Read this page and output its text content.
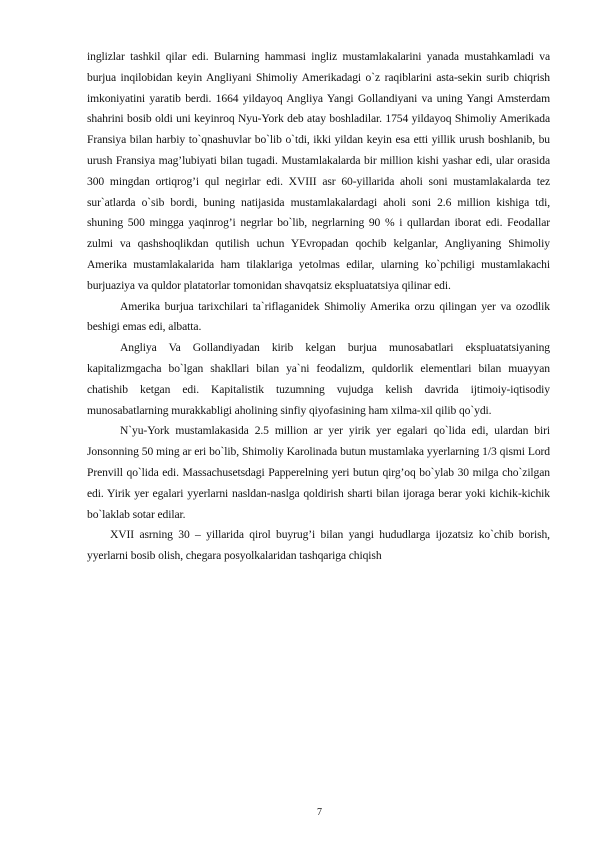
inglizlar tashkil qilar edi. Bularning hammasi ingliz mustamlakalarini yanada mustahkamladi va burjua inqilobidan keyin Angliyani Shimoliy Amerikadagi o`z raqiblarini asta-sekin surib chiqrish imkoniyatini yaratib berdi. 1664 yildayoq Angliya Yangi Gollandiyani va uning Yangi Amsterdam shahrini bosib oldi uni keyinroq Nyu-York deb atay boshladilar. 1754 yildayoq Shimoliy Amerikada Fransiya bilan harbiy to`qnashuvlar bo`lib o`tdi, ikki yildan keyin esa etti yillik urush boshlanib, bu urush Fransiya mag’lubiyati bilan tugadi. Mustamlakalarda bir million kishi yashar edi, ular orasida 300 mingdan ortiqrog’i qul negirlar edi. XVIII asr 60-yillarida aholi soni mustamlakalarda tez sur`atlarda o`sib bordi, buning natijasida mustamlakalardagi aholi soni 2.6 million kishiga tdi, shuning 500 mingga yaqinrog’i negrlar bo`lib, negrlarning 90 % i qullardan iborat edi. Feodallar zulmi va qashshoqlikdan qutilish uchun YEvropadan qochib kelganlar, Angliyaning Shimoliy Amerika mustamlakalarida ham tilaklariga yetolmas edilar, ularning ko`pchiligi mustamlakachi burjuaziya va quldor platatorlar tomonidan shavqatsiz ekspluatatsiya qilinar edi.

Amerika burjua tarixchilari ta`riflaganidek Shimoliy Amerika orzu qilingan yer va ozodlik beshigi emas edi, albatta.

Angliya Va Gollandiyadan kirib kelgan burjua munosabatlari ekspluatatsiyaning kapitalizmgacha bo`lgan shakllari bilan ya`ni feodalizm, quldorlik elementlari bilan muayyan chatishib ketgan edi. Kapitalistik tuzumning vujudga kelish davrida ijtimoiy-iqtisodiy munosabatlarning murakkabligi aholining sinfiy qiyofasining ham xilma-xil qilib qo`ydi.

N`yu-York mustamlakasida 2.5 million ar yer yirik yer egalari qo`lida edi, ulardan biri Jonsonning 50 ming ar eri bo`lib, Shimoliy Karolinada butun mustamlaka yyerlarning 1/3 qismi Lord Prenvill qo`lida edi. Massachusetsdagi Papperelning yeri butun qirg’oq bo`ylab 30 milga cho`zilgan edi. Yirik yer egalari yyerlarni nasldan-naslga qoldirish sharti bilan ijoraga berar yoki kichik-kichik bo`laklab sotar edilar.

XVII asrning 30 – yillarida qirol buyrug’i bilan yangi hududlarga ijozatsiz ko`chib borish, yyerlarni bosib olish, chegara posyolkalaridan tashqariga chiqish

7
